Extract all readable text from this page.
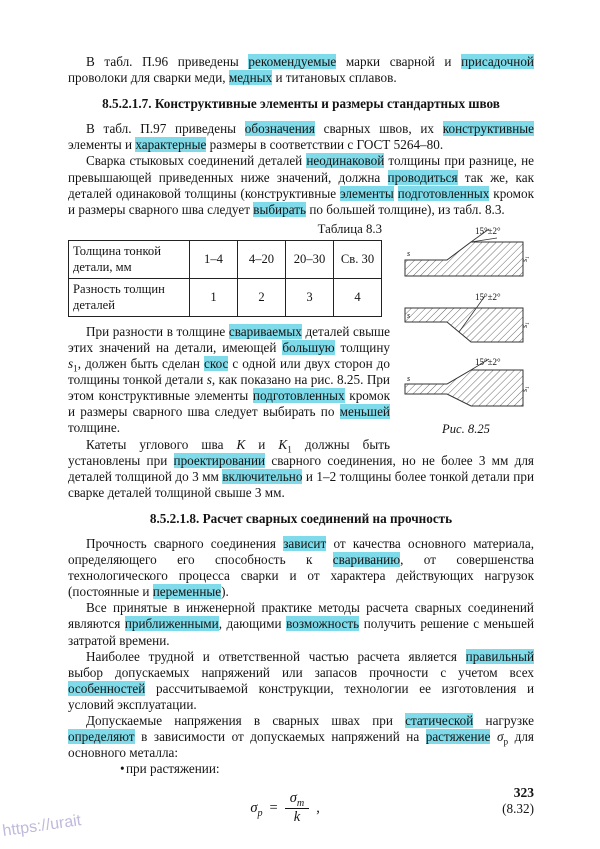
В табл. П.96 приведены рекомендуемые марки сварной и присадочной проволоки для сварки меди, медных и титановых сплавов.

8.5.2.1.7. Конструктивные элементы и размеры стандартных швов

В табл. П.97 приведены обозначения сварных швов, их конструктивные элементы и характерные размеры в соответствии с ГОСТ 5264–80.

Сварка стыковых соединений деталей неодинаковой толщины при разнице, не превышающей приведенных ниже значений, должна проводиться так же, как деталей одинаковой толщины (конструктивные элементы подготовленных кромок и размеры сварного шва следует выбирать по большей толщине), из табл. 8.3.

15°±2°
s
$s_1$
15°±2°
s
$s_1$
15°±2°
s
$s_1$
Рис. 8.25
Таблица 8.3
Толщина тонкой детали, мм	1–4	4–20	20–30	Св. 30
Разность толщин деталей	1	2	3	4

При разности в толщине свариваемых деталей свыше этих значений на детали, имеющей большую толщину $s_1$, должен быть сделан скос с одной или двух сторон до толщины тонкой детали s, как показано на рис. 8.25. При этом конструктивные элементы подготовленных кромок и размеры сварного шва следует выбирать по меньшей толщине.

Катеты углового шва K и $K_1$ должны быть установлены при проектировании сварного соединения, но не более 3 мм для деталей толщиной до 3 мм включительно и 1–2 толщины более тонкой детали при сварке деталей толщиной свыше 3 мм.

8.5.2.1.8. Расчет сварных соединений на прочность

Прочность сварного соединения зависит от качества основного материала, определяющего его способность к свариванию, от совершенства технологического процесса сварки и от характера действующих нагрузок (постоянные и переменные).

Все принятые в инженерной практике методы расчета сварных соединений являются приближенными, дающими возможность получить решение с меньшей затратой времени.

Наиболее трудной и ответственной частью расчета является правильный выбор допускаемых напряжений или запасов прочности с учетом всех особенностей рассчитываемой конструкции, технологии ее изготовления и условий эксплуатации.

Допускаемые напряжения в сварных швах при статической нагрузке определяют в зависимости от допускаемых напряжений на растяжение $\sigma_р$ для основного металла:

•при растяжении:

$\sigma_р = \frac{\sigma_т}{k}$ ,	(8.32)
323
https://urait
